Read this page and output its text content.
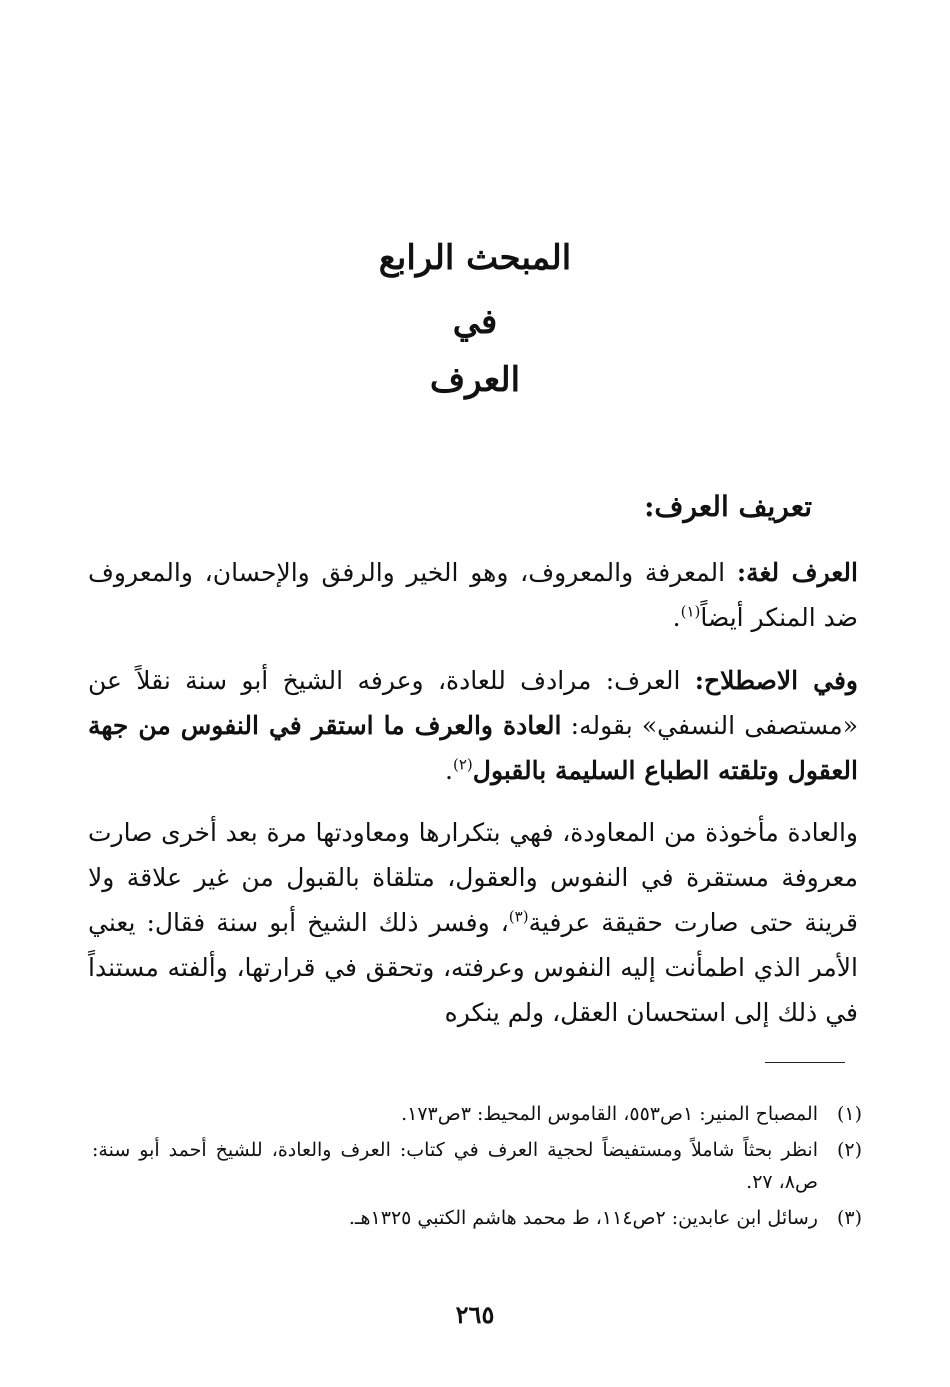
المبحث الرابع
في
العرف
تعريف العرف:

العرف لغة: المعرفة والمعروف، وهو الخير والرفق والإحسان، والمعروف ضد المنكر أيضاً$^{(١)}$.

وفي الاصطلاح: العرف: مرادف للعادة، وعرفه الشيخ أبو سنة نقلاً عن «مستصفى النسفي» بقوله: العادة والعرف ما استقر في النفوس من جهة العقول وتلقته الطباع السليمة بالقبول$^{(٢)}$.

والعادة مأخوذة من المعاودة، فهي بتكرارها ومعاودتها مرة بعد أخرى صارت معروفة مستقرة في النفوس والعقول، متلقاة بالقبول من غير علاقة ولا قرينة حتى صارت حقيقة عرفية$^{(٣)}$، وفسر ذلك الشيخ أبو سنة فقال: يعني الأمر الذي اطمأنت إليه النفوس وعرفته، وتحقق في قرارتها، وألفته مستنداً في ذلك إلى استحسان العقل، ولم ينكره

(١)
المصباح المنير: ١ص٥٥٣، القاموس المحيط: ٣ص١٧٣.
(٢)
انظر بحثاً شاملاً ومستفيضاً لحجية العرف في كتاب: العرف والعادة، للشيخ أحمد أبو سنة: ص٨، ٢٧.
(٣)
رسائل ابن عابدين: ٢ص١١٤، ط محمد هاشم الكتبي ١٣٢٥هـ.
٢٦٥
